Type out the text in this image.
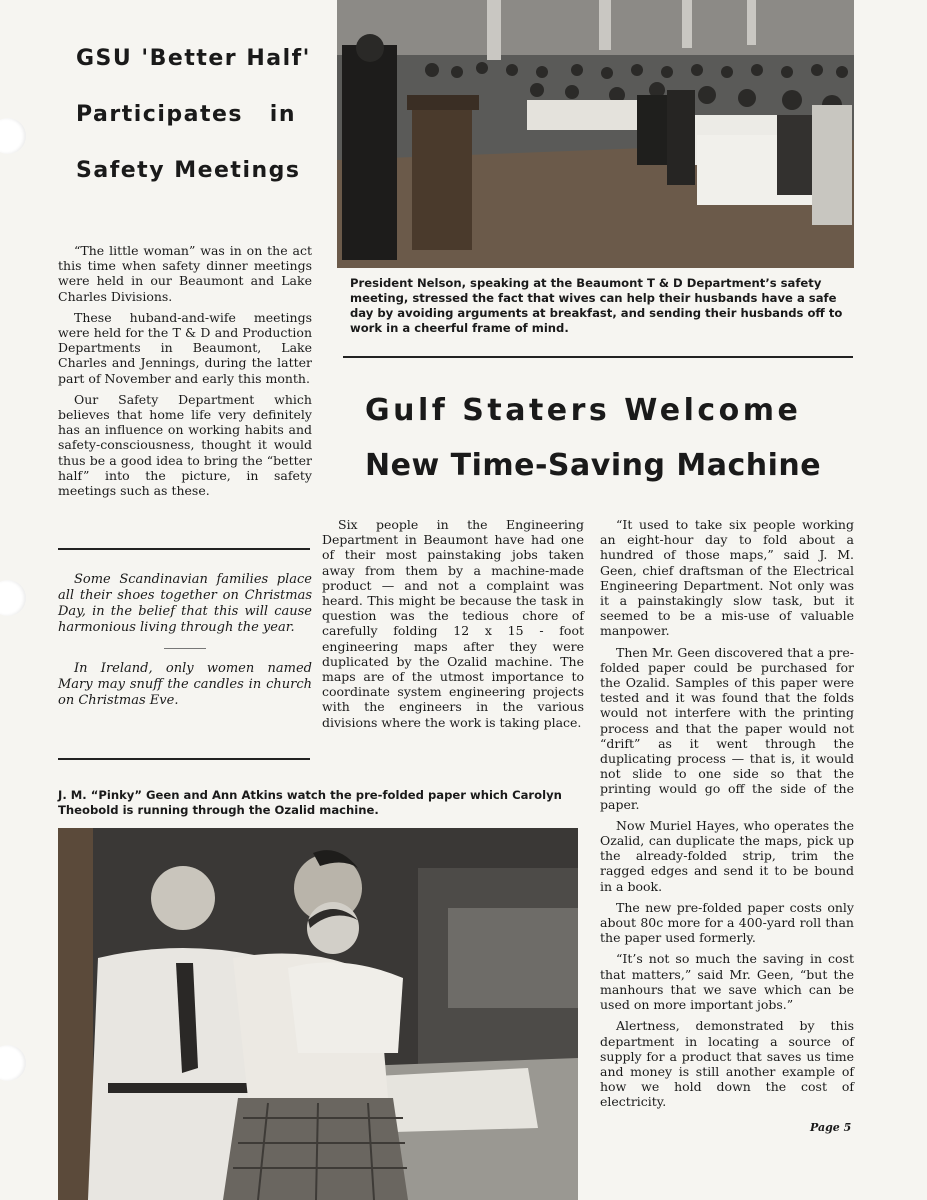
GSU 'Better Half'
Participates in
Safety Meetings

“The little woman” was in on the act this time when safety dinner meetings were held in our Beaumont and Lake Charles Divisions.

These huband-and-wife meetings were held for the T & D and Production Departments in Beaumont, Lake Charles and Jennings, during the latter part of November and early this month.

Our Safety Department which believes that home life very definitely has an influence on working habits and safety-consciousness, thought it would thus be a good idea to bring the “better half” into the picture, in safety meetings such as these.

Some Scandinavian families place all their shoes together on Christmas Day, in the belief that this will cause harmonious living through the year.

In Ireland, only women named Mary may snuff the candles in church on Christmas Eve.

President Nelson, speaking at the Beaumont T & D Department’s safety meeting, stressed the fact that wives can help their husbands have a safe day by avoiding arguments at breakfast, and sending their husbands off to work in a cheerful frame of mind.
Gulf Staters Welcome
New Time-Saving Machine

Six people in the Engineering Department in Beaumont have had one of their most painstaking jobs taken away from them by a machine-made product — and not a complaint was heard. This might be because the task in question was the tedious chore of carefully folding 12 x 15 - foot engineering maps after they were duplicated by the Ozalid machine. The maps are of the utmost importance to coordinate system engineering projects with the engineers in the various divisions where the work is taking place.

“It used to take six people working an eight-hour day to fold about a hundred of those maps,” said J. M. Geen, chief draftsman of the Electrical Engineering Department. Not only was it a painstakingly slow task, but it seemed to be a mis-use of valuable manpower.

Then Mr. Geen discovered that a pre-folded paper could be purchased for the Ozalid. Samples of this paper were tested and it was found that the folds would not interfere with the printing process and that the paper would not “drift” as it went through the duplicating process — that is, it would not slide to one side so that the printing would go off the side of the paper.

Now Muriel Hayes, who operates the Ozalid, can duplicate the maps, pick up the already-folded strip, trim the ragged edges and send it to be bound in a book.

The new pre-folded paper costs only about 80c more for a 400-yard roll than the paper used formerly.

“It’s not so much the saving in cost that matters,” said Mr. Geen, “but the manhours that we save which can be used on more important jobs.”

Alertness, demonstrated by this department in locating a source of supply for a product that saves us time and money is still another example of how we hold down the cost of electricity.

J. M. “Pinky” Geen and Ann Atkins watch the pre-folded paper which Carolyn Theobold is running through the Ozalid machine.
Page 5
